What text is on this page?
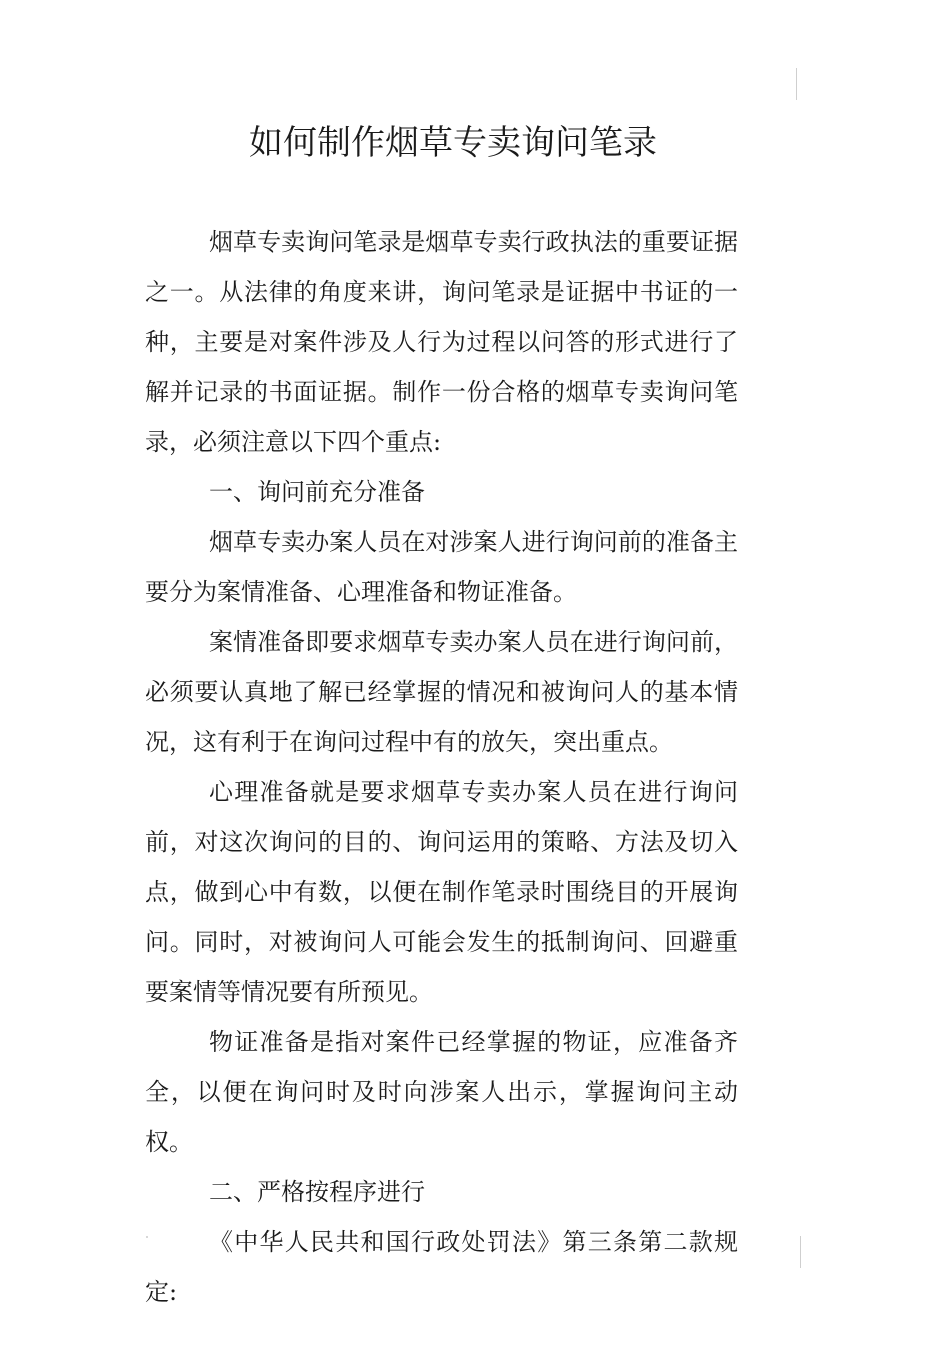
如何制作烟草专卖询问笔录

烟草专卖询问笔录是烟草专卖行政执法的重要证据之一。从法律的角度来讲，询问笔录是证据中书证的一种，主要是对案件涉及人行为过程以问答的形式进行了解并记录的书面证据。制作一份合格的烟草专卖询问笔录，必须注意以下四个重点:

一、询问前充分准备

烟草专卖办案人员在对涉案人进行询问前的准备主要分为案情准备、心理准备和物证准备。

案情准备即要求烟草专卖办案人员在进行询问前，必须要认真地了解已经掌握的情况和被询问人的基本情况，这有利于在询问过程中有的放矢，突出重点。

心理准备就是要求烟草专卖办案人员在进行询问前，对这次询问的目的、询问运用的策略、方法及切入点，做到心中有数，以便在制作笔录时围绕目的开展询问。同时，对被询问人可能会发生的抵制询问、回避重要案情等情况要有所预见。

物证准备是指对案件已经掌握的物证，应准备齐全，以便在询问时及时向涉案人出示，掌握询问主动权。

二、严格按程序进行

《中华人民共和国行政处罚法》第三条第二款规定:
